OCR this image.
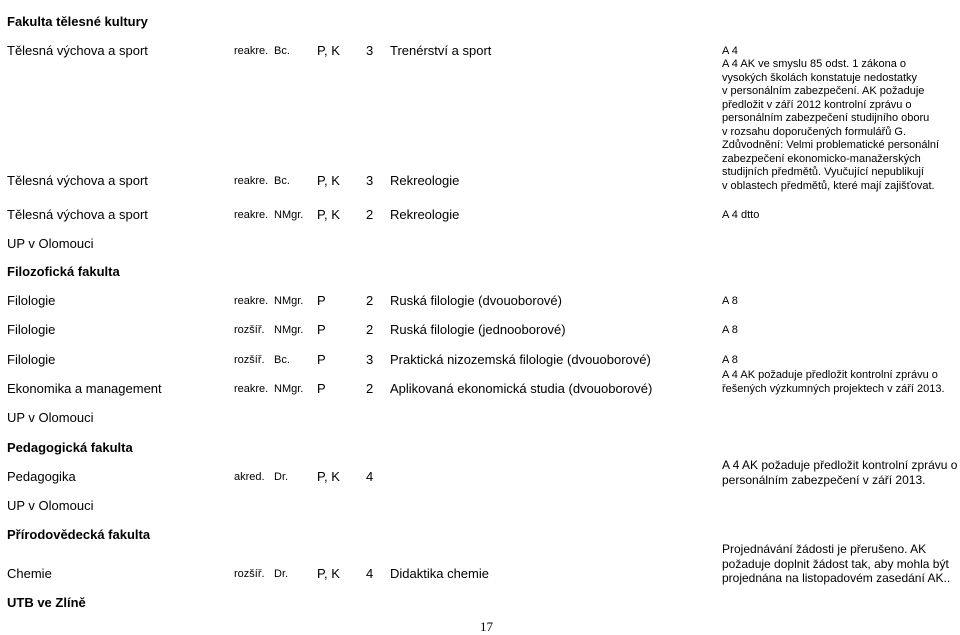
Fakulta tělesné kultury
Tělesná výchova a sport	reakre. Bc. P, K 3 Trenérství a sport	A 4
A 4 AK ve smyslu 85 odst. 1 zákona o
vysokých školách konstatuje nedostatky
v personálním zabezpečení. AK požaduje
předložit v září 2012 kontrolní zprávu o
personálním zabezpečení studijního oboru
v rozsahu doporučených formulářů G.
Zdůvodnění: Velmi problematické personální
zabezpečení ekonomicko-manažerských
studijních předmětů. Vyučující nepublikují
v oblastech předmětů, které mají zajišťovat.
Tělesná výchova a sport	reakre. Bc. P, K 3 Rekreologie
Tělesná výchova a sport	reakre. NMgr. P, K 2 Rekreologie	A 4 dtto
UP v Olomouci
Filozofická fakulta
Filologie	reakre. NMgr. P	2 Ruská filologie (dvouoborové)	A 8
Filologie	rozšíř. NMgr. P	2 Ruská filologie (jednooborové)	A 8
Filologie	rozšíř. Bc. P	3 Praktická nizozemská filologie (dvouoborové)	A 8
Ekonomika a management	reakre. NMgr. P	2 Aplikovaná ekonomická studia (dvouoborové)
A 4 AK požaduje předložit kontrolní zprávu o
řešených výzkumných projektech v září 2013.
UP v Olomouci
Pedagogická fakulta
Pedagogika	akred. Dr. P, K 4
A 4 AK požaduje předložit kontrolní zprávu o
personálním zabezpečení v září 2013.
UP v Olomouci
Přírodovědecká fakulta
Chemie	rozšíř. Dr. P, K 4 Didaktika chemie
Projednávání žádosti je přerušeno. AK
požaduje doplnit žádost tak, aby mohla být
projednána na listopadovém zasedání AK..
UTB ve Zlíně
17
